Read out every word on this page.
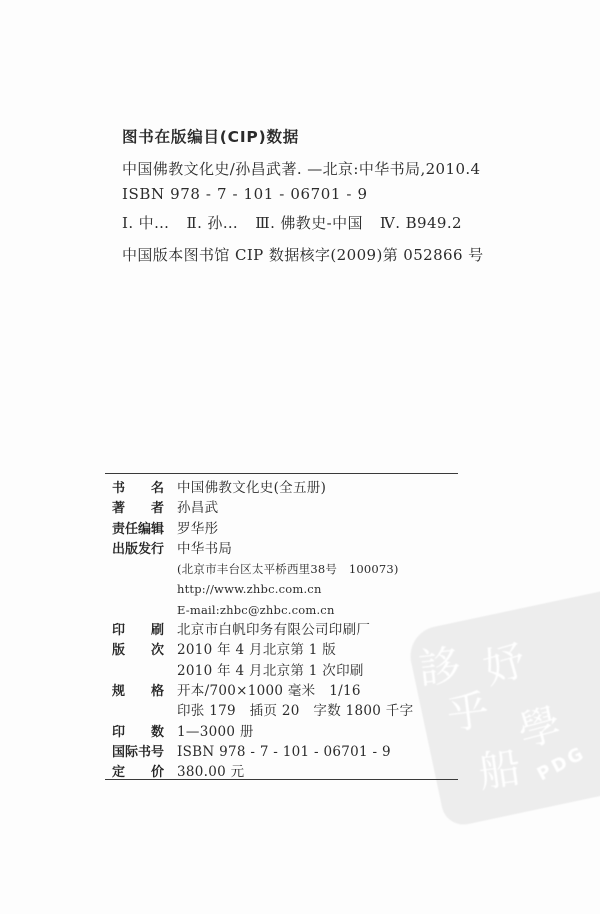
誃 妤
乎 學
船 PDG
图书在版编目(CIP)数据
中国佛教文化史/孙昌武著. —北京:中华书局,2010.4
ISBN 978 - 7 - 101 - 06701 - 9
Ⅰ. 中… Ⅱ. 孙… Ⅲ. 佛教史-中国 Ⅳ. B949.2
中国版本图书馆 CIP 数据核字(2009)第 052866 号
书　　名 中国佛教文化史(全五册)
著　　者 孙昌武
责任编辑 罗华彤
出版发行 中华书局
(北京市丰台区太平桥西里38号　100073)
http://www.zhbc.com.cn
E-mail:zhbc@zhbc.com.cn
印　　刷 北京市白帆印务有限公司印刷厂
版　　次 2010 年 4 月北京第 1 版
2010 年 4 月北京第 1 次印刷
规　　格 开本/700×1000 毫米　1/16
印张 179　插页 20　字数 1800 千字
印　　数 1—3000 册
国际书号 ISBN 978 - 7 - 101 - 06701 - 9
定　　价 380.00 元
